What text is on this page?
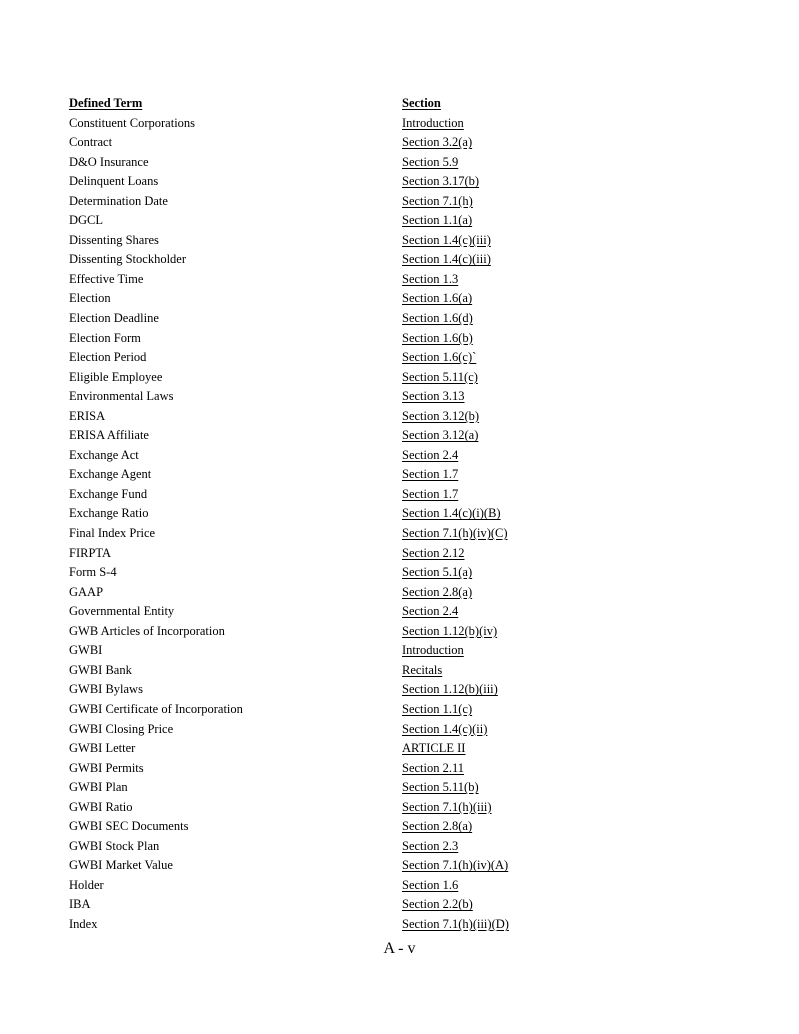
Defined Term	Section
Constituent Corporations	Introduction
Contract	Section 3.2(a)
D&O Insurance	Section 5.9
Delinquent Loans	Section 3.17(b)
Determination Date	Section 7.1(h)
DGCL	Section 1.1(a)
Dissenting Shares	Section 1.4(c)(iii)
Dissenting Stockholder	Section 1.4(c)(iii)
Effective Time	Section 1.3
Election	Section 1.6(a)
Election Deadline	Section 1.6(d)
Election Form	Section 1.6(b)
Election Period	Section 1.6(c)`
Eligible Employee	Section 5.11(c)
Environmental Laws	Section 3.13
ERISA	Section 3.12(b)
ERISA Affiliate	Section 3.12(a)
Exchange Act	Section 2.4
Exchange Agent	Section 1.7
Exchange Fund	Section 1.7
Exchange Ratio	Section 1.4(c)(i)(B)
Final Index Price	Section 7.1(h)(iv)(C)
FIRPTA	Section 2.12
Form S-4	Section 5.1(a)
GAAP	Section 2.8(a)
Governmental Entity	Section 2.4
GWB Articles of Incorporation	Section 1.12(b)(iv)
GWBI	Introduction
GWBI Bank	Recitals
GWBI Bylaws	Section 1.12(b)(iii)
GWBI Certificate of Incorporation	Section 1.1(c)
GWBI Closing Price	Section 1.4(c)(ii)
GWBI Letter	ARTICLE II
GWBI Permits	Section 2.11
GWBI Plan	Section 5.11(b)
GWBI Ratio	Section 7.1(h)(iii)
GWBI SEC Documents	Section 2.8(a)
GWBI Stock Plan	Section 2.3
GWBI Market Value	Section 7.1(h)(iv)(A)
Holder	Section 1.6
IBA	Section 2.2(b)
Index	Section 7.1(h)(iii)(D)
A - v
